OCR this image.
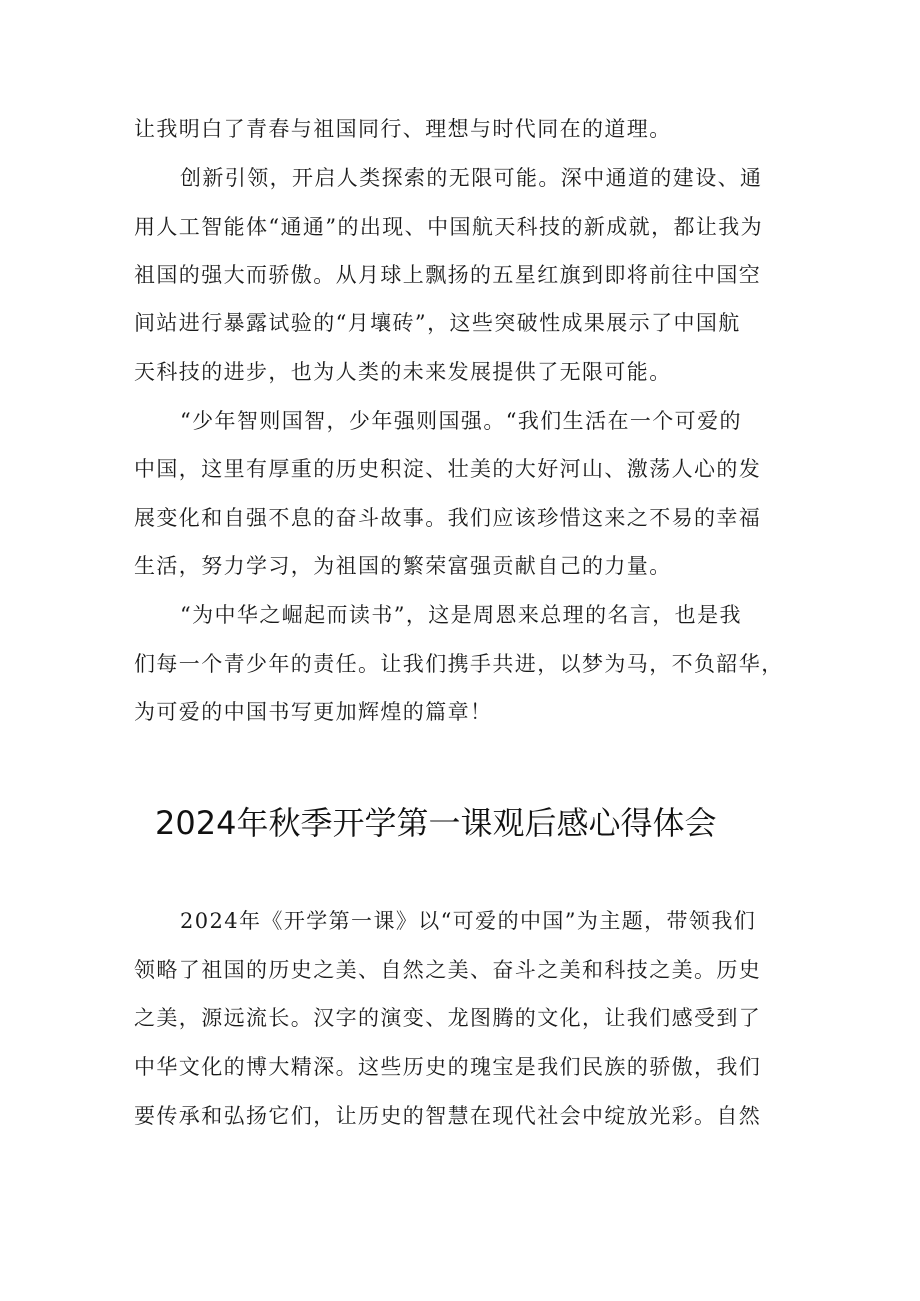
让我明白了青春与祖国同行、理想与时代同在的道理。
创新引领，开启人类探索的无限可能。深中通道的建设、通
用人工智能体“通通”的出现、中国航天科技的新成就，都让我为
祖国的强大而骄傲。从月球上飘扬的五星红旗到即将前往中国空
间站进行暴露试验的“月壤砖”，这些突破性成果展示了中国航
天科技的进步，也为人类的未来发展提供了无限可能。
“少年智则国智，少年强则国强。“我们生活在一个可爱的
中国，这里有厚重的历史积淀、壮美的大好河山、激荡人心的发
展变化和自强不息的奋斗故事。我们应该珍惜这来之不易的幸福
生活，努力学习，为祖国的繁荣富强贡献自己的力量。
“为中华之崛起而读书”，这是周恩来总理的名言，也是我
们每一个青少年的责任。让我们携手共进，以梦为马，不负韶华，
为可爱的中国书写更加辉煌的篇章！
2024年秋季开学第一课观后感心得体会
2024年《开学第一课》以“可爱的中国”为主题，带领我们
领略了祖国的历史之美、自然之美、奋斗之美和科技之美。历史
之美，源远流长。汉字的演变、龙图腾的文化，让我们感受到了
中华文化的博大精深。这些历史的瑰宝是我们民族的骄傲，我们
要传承和弘扬它们，让历史的智慧在现代社会中绽放光彩。自然
